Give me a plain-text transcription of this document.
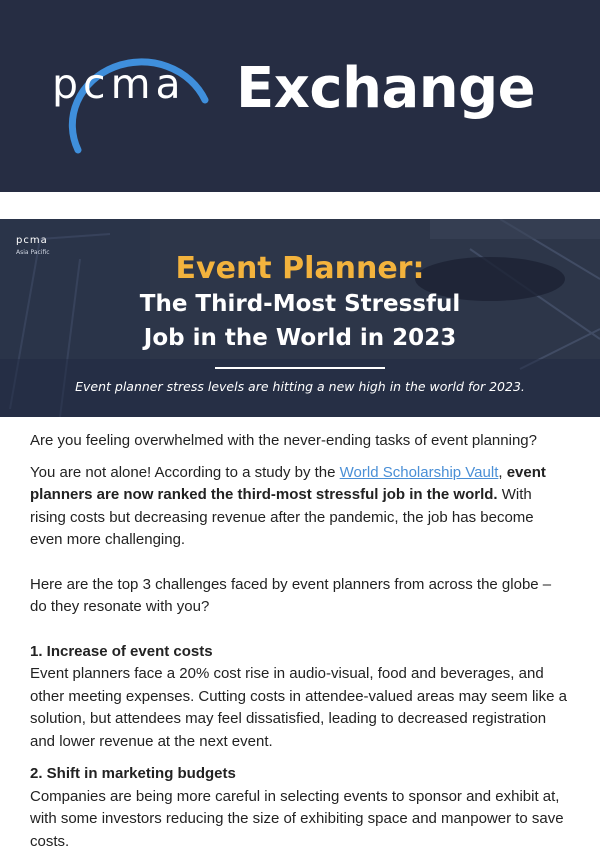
pcma Exchange
pcma
Asia Pacific	Event Planner:
The Third-Most Stressful
Job in the World in 2023
Event planner stress levels are hitting a new high in the world for 2023.

Are you feeling overwhelmed with the never-ending tasks of event planning?

You are not alone! According to a study by the World Scholarship Vault, event planners are now ranked the third-most stressful job in the world. With rising costs but decreasing revenue after the pandemic, the job has become even more challenging.

Here are the top 3 challenges faced by event planners from across the globe – do they resonate with you?

1. Increase of event costs

Event planners face a 20% cost rise in audio-visual, food and beverages, and other meeting expenses. Cutting costs in attendee-valued areas may seem like a solution, but attendees may feel dissatisfied, leading to decreased registration and lower revenue at the next event.

2. Shift in marketing budgets

Companies are being more careful in selecting events to sponsor and exhibit at, with some investors reducing the size of exhibiting space and manpower to save costs.
